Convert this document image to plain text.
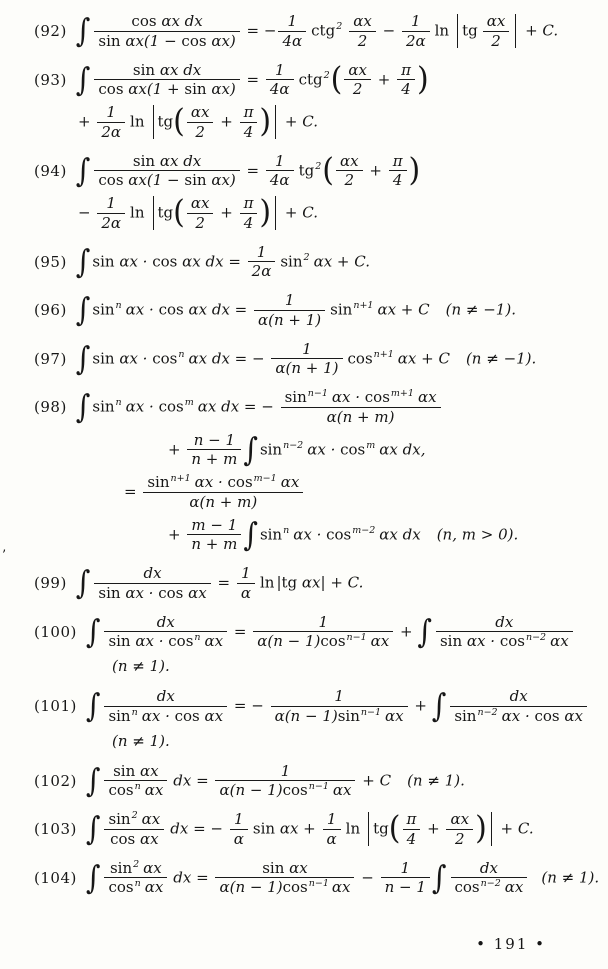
(92) ∫ $\frac{\text{cos αx dx}}{\text{sin αx(1 − cos αx)}}$ = − $\frac{1}{4\alpha} ctg^2 \frac{\alpha x}{2} - \frac{1}{2\alpha}$ ln tg $\frac{\alpha x}{2} + C$.
(93) ∫ $\frac{\text{sin αx dx}}{\text{cos αx(1 + sin αx)}} = \frac{1}{4\alpha} ctg^2( \frac{\alpha x}{2} + \frac{\pi}{4}$ )
+ $\frac{1}{2\alpha}$ $\ln tg( \frac{\alpha x}{2} + \frac{\pi}{4}$ ) + C.
(94) ∫ $\frac{\text{sin αx dx}}{\text{cos αx(1 − sin αx)}} = \frac{1}{4\alpha} tg^2( \frac{\alpha x}{2} + \frac{\pi}{4}$ )
− $\frac{1}{2\alpha}$ $\ln tg( \frac{\alpha x}{2} + \frac{\pi}{4}$ ) + C.
(95) ∫ sin αx · cos αx dx = $\frac{1}{2\alpha} \sin^2 \alpha x + C$.
(96) ∫ $\sin^n \alpha x \cdot \cos \alpha x$ dx = $\frac{1}{\alpha(n + 1)} \sin^{n+1} \alpha x + C$ (n ≠ −1).
(97) ∫ $\sin \alpha x \cdot \cos^n \alpha x$ dx = − $\frac{1}{\alpha(n + 1)} \cos^{n+1} \alpha x + C$ (n ≠ −1).
(98) ∫ $\sin^n \alpha x \cdot \cos^m \alpha x$ dx = − $\frac{\sin^{n-1} \alpha x \cdot \cos^{m+1} \alpha x}{\alpha(n + m)}$
+ $\frac{n - 1}{n + m}$ ∫ $\sin^{n-2} \alpha x \cdot \cos^m \alpha x$ dx,
= $\frac{\sin^{n+1} \alpha x \cdot \cos^{m-1} \alpha x}{\alpha(n + m)}$
+ $\frac{m - 1}{n + m}$ ∫ $\sin^n \alpha x \cdot \cos^{m-2} \alpha x$ dx (n, m > 0).
(99) ∫ $\frac{dx}{\text{sin αx · cos αx}} = \frac{1}{\alpha}$ ln |tg αx| + C.
(100) ∫ $\frac{dx}{\sin \alpha x \cdot \cos^n \alpha x} = \frac{1}{\alpha(n - 1)\cos^{n-1} \alpha x}$ + ∫ $\frac{dx}{\sin \alpha x \cdot \cos^{n-2} \alpha x}$
(n ≠ 1).
(101) ∫ $\frac{dx}{\sin^n \alpha x \cdot \cos \alpha x}$ = − $\frac{1}{\alpha(n - 1)\sin^{n-1} \alpha x}$ + ∫ $\frac{dx}{\sin^{n-2} \alpha x \cdot \cos \alpha x}$
(n ≠ 1).
(102) ∫ $\frac{\text{sin αx}}{\cos^n \alpha x}$ dx = $\frac{1}{\alpha(n - 1)\cos^{n-1} \alpha x} + C$ (n ≠ 1).
(103) ∫ $\frac{\sin^2 \alpha x}{\text{cos αx}}$ dx = − $\frac{1}{\alpha}$ $\sin \alpha x + \frac{1}{\alpha}$ $\ln tg( \frac{\pi}{4} + \frac{\alpha x}{2}$ ) + C.
(104) ∫ $\frac{\sin^2 \alpha x}{\cos^n \alpha x}$ dx = $\frac{\text{sin αx}}{\alpha(n - 1)\cos^{n-1} \alpha x} - \frac{1}{n - 1}$ ∫ $\frac{dx}{\cos^{n-2} \alpha x} (n \ne 1)$.
’
• 191 •
